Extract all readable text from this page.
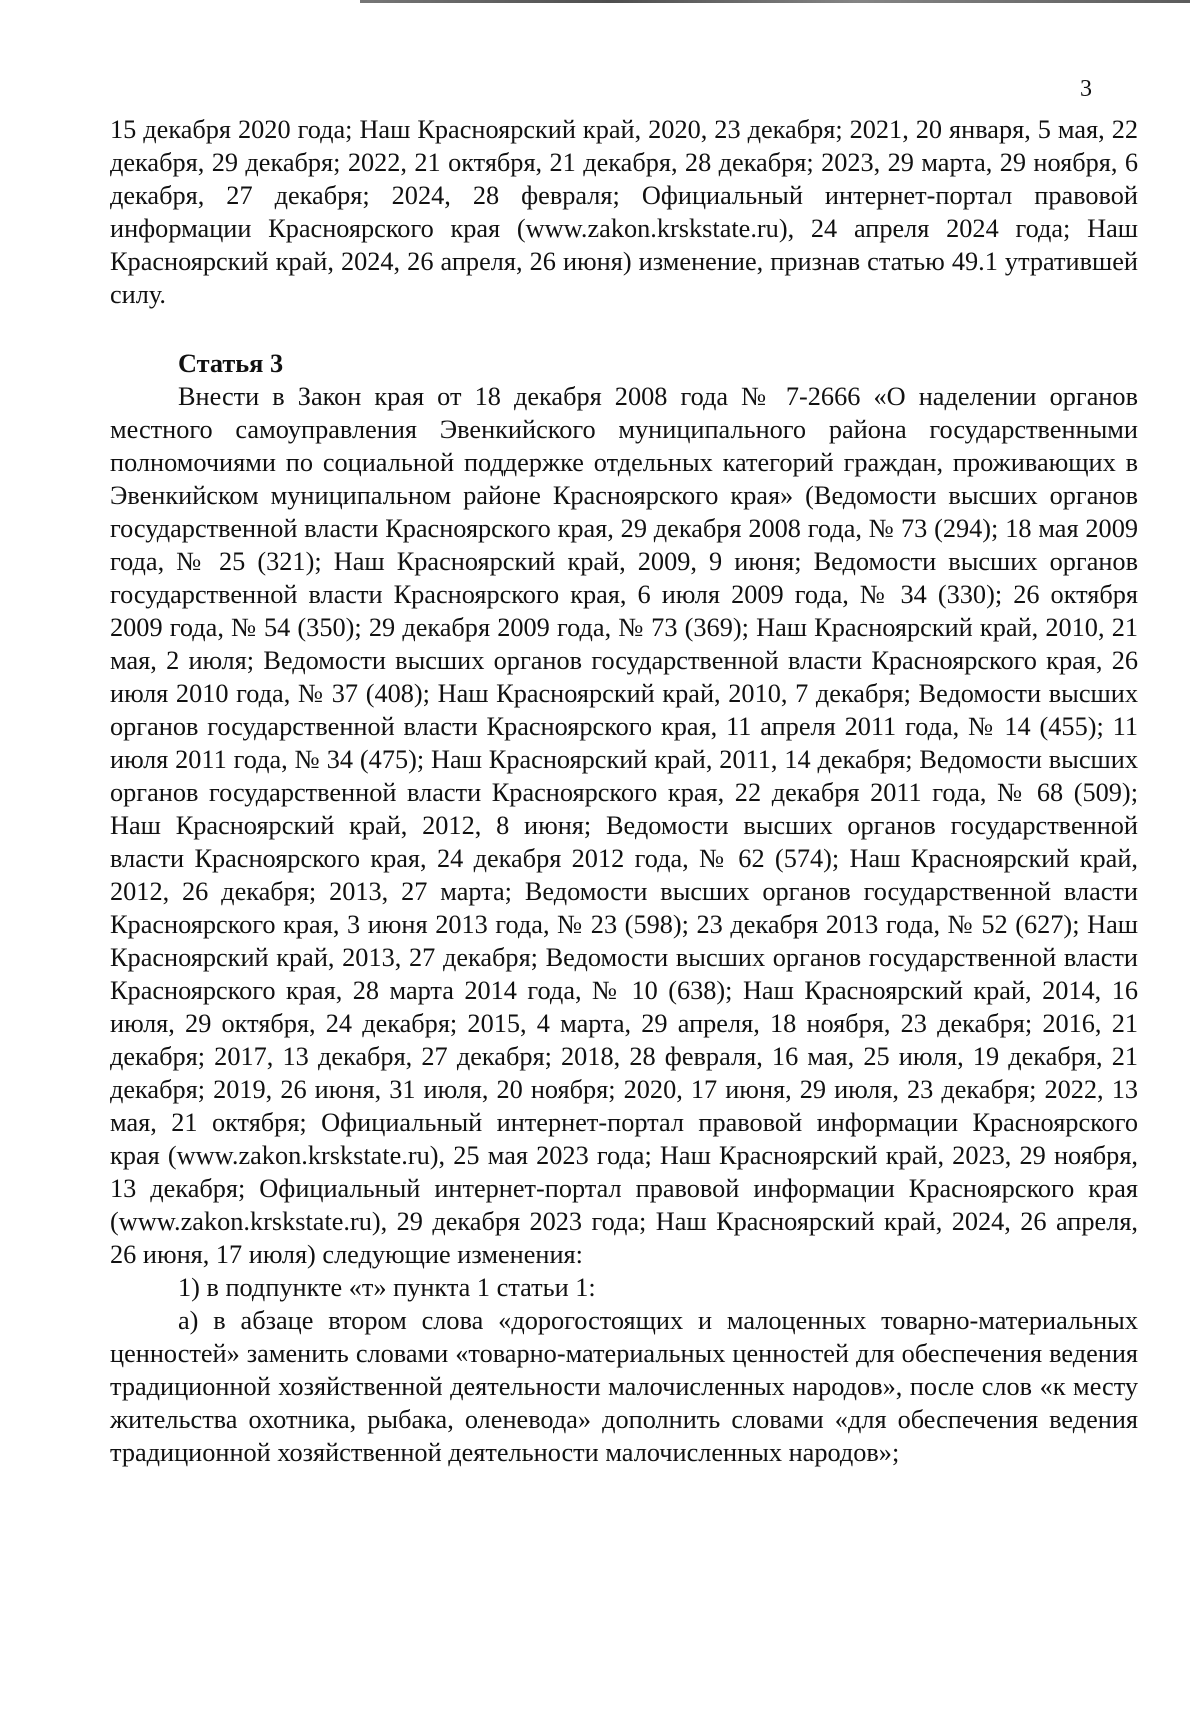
3

15 декабря 2020 года; Наш Красноярский край, 2020, 23 декабря; 2021, 20 января, 5 мая, 22 декабря, 29 декабря; 2022, 21 октября, 21 декабря, 28 декабря; 2023, 29 марта, 29 ноября, 6 декабря, 27 декабря; 2024, 28 февраля; Официальный интернет-портал правовой информации Красноярского края (www.zakon.krskstate.ru), 24 апреля 2024 года; Наш Красноярский край, 2024, 26 апреля, 26 июня) изменение, признав статью 49.1 утратившей силу.

Статья 3

Внести в Закон края от 18 декабря 2008 года № 7-2666 «О наделении органов местного самоуправления Эвенкийского муниципального района государственными полномочиями по социальной поддержке отдельных категорий граждан, проживающих в Эвенкийском муниципальном районе Красноярского края» (Ведомости высших органов государственной власти Красноярского края, 29 декабря 2008 года, № 73 (294); 18 мая 2009 года, № 25 (321); Наш Красноярский край, 2009, 9 июня; Ведомости высших органов государственной власти Красноярского края, 6 июля 2009 года, № 34 (330); 26 октября 2009 года, № 54 (350); 29 декабря 2009 года, № 73 (369); Наш Красноярский край, 2010, 21 мая, 2 июля; Ведомости высших органов государственной власти Красноярского края, 26 июля 2010 года, № 37 (408); Наш Красноярский край, 2010, 7 декабря; Ведомости высших органов государственной власти Красноярского края, 11 апреля 2011 года, № 14 (455); 11 июля 2011 года, № 34 (475); Наш Красноярский край, 2011, 14 декабря; Ведомости высших органов государственной власти Красноярского края, 22 декабря 2011 года, № 68 (509); Наш Красноярский край, 2012, 8 июня; Ведомости высших органов государственной власти Красноярского края, 24 декабря 2012 года, № 62 (574); Наш Красноярский край, 2012, 26 декабря; 2013, 27 марта; Ведомости высших органов государственной власти Красноярского края, 3 июня 2013 года, № 23 (598); 23 декабря 2013 года, № 52 (627); Наш Красноярский край, 2013, 27 декабря; Ведомости высших органов государственной власти Красноярского края, 28 марта 2014 года, № 10 (638); Наш Красноярский край, 2014, 16 июля, 29 октября, 24 декабря; 2015, 4 марта, 29 апреля, 18 ноября, 23 декабря; 2016, 21 декабря; 2017, 13 декабря, 27 декабря; 2018, 28 февраля, 16 мая, 25 июля, 19 декабря, 21 декабря; 2019, 26 июня, 31 июля, 20 ноября; 2020, 17 июня, 29 июля, 23 декабря; 2022, 13 мая, 21 октября; Официальный интернет-портал правовой информации Красноярского края (www.zakon.krskstate.ru), 25 мая 2023 года; Наш Красноярский край, 2023, 29 ноября, 13 декабря; Официальный интернет-портал правовой информации Красноярского края (www.zakon.krskstate.ru), 29 декабря 2023 года; Наш Красноярский край, 2024, 26 апреля, 26 июня, 17 июля) следующие изменения:

1) в подпункте «т» пункта 1 статьи 1:

а) в абзаце втором слова «дорогостоящих и малоценных товарно-материальных ценностей» заменить словами «товарно-материальных ценностей для обеспечения ведения традиционной хозяйственной деятельности малочисленных народов», после слов «к месту жительства охотника, рыбака, оленевода» дополнить словами «для обеспечения ведения традиционной хозяйственной деятельности малочисленных народов»;
